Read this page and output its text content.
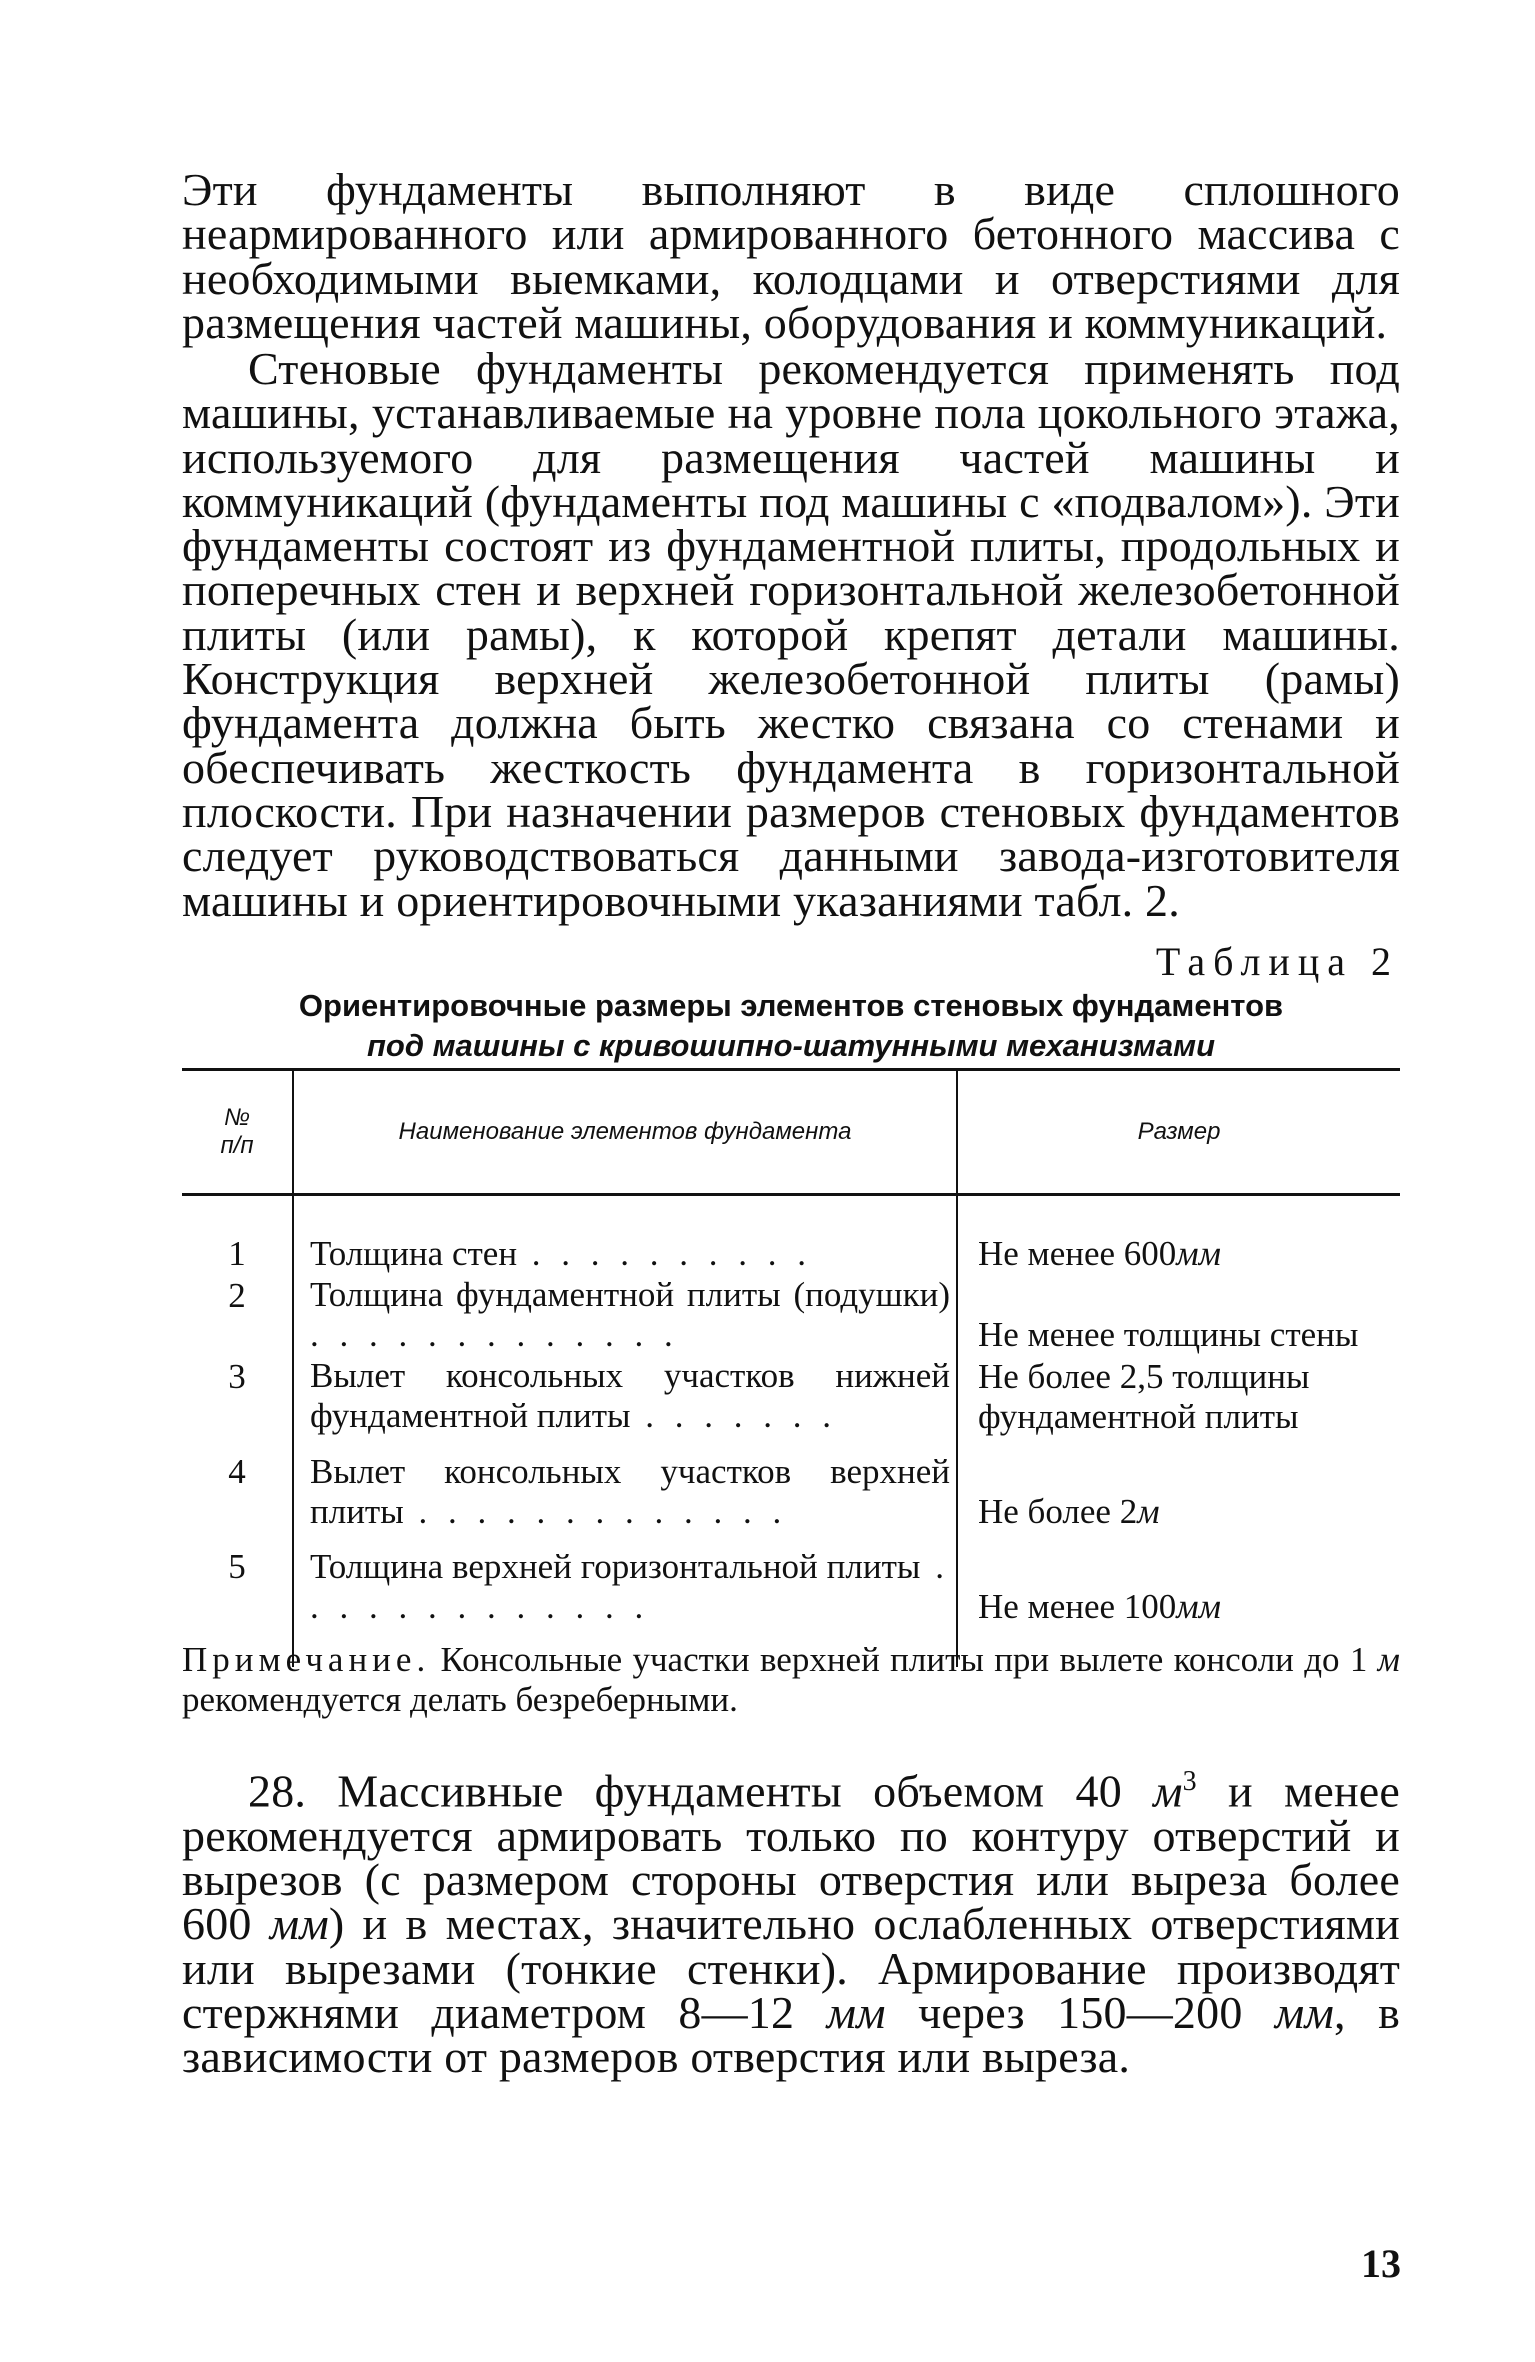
Эти фундаменты выполняют в виде сплошного неармированного или армированного бетонного массива с необходимыми выемками, колодцами и отверстиями для размещения частей машины, оборудования и коммуникаций.

Стеновые фундаменты рекомендуется применять под машины, устанавливаемые на уровне пола цокольного этажа, используемого для размещения частей машины и коммуникаций (фундаменты под машины с «подвалом»). Эти фундаменты состоят из фундаментной плиты, продольных и поперечных стен и верхней горизонтальной железобетонной плиты (или рамы), к которой крепят детали машины. Конструкция верхней железобетонной плиты (рамы) фундамента должна быть жестко связана со стенами и обеспечивать жесткость фундамента в горизонтальной плоскости. При назначении размеров стеновых фундаментов следует руководствоваться данными завода-изготовителя машины и ориентировочными указаниями табл. 2.

Таблица 2

Ориентировочные размеры элементов стеновых фундаментов
под машины с кривошипно-шатунными механизмами
№
п/п	Наименование элементов фундамента	Размер
1	Толщина стен . . . . . . . . . .	Не менее 600мм
2	Толщина фундаментной плиты (подушки) . . . . . . . . . . . . .	Не менее толщины стены
3	Вылет консольных участков нижней фундаментной плиты . . . . . . .	Не более 2,5 толщины фундаментной плиты
4	Вылет консольных участков верхней плиты . . . . . . . . . . . . .	Не более 2м
5	Толщина верхней горизонтальной плиты . . . . . . . . . . . . .	Не менее 100мм

Примечание. Консольные участки верхней плиты при вылете консоли до 1 м рекомендуется делать безреберными.

28. Массивные фундаменты объемом 40 $м^3$ и менее рекомендуется армировать только по контуру отверстий и вырезов (с размером стороны отверстия или выреза более 600 мм) и в местах, значительно ослабленных отверстиями или вырезами (тонкие стенки). Армирование производят стержнями диаметром 8—12 мм через 150—200 мм, в зависимости от размеров отверстия или выреза.

13
